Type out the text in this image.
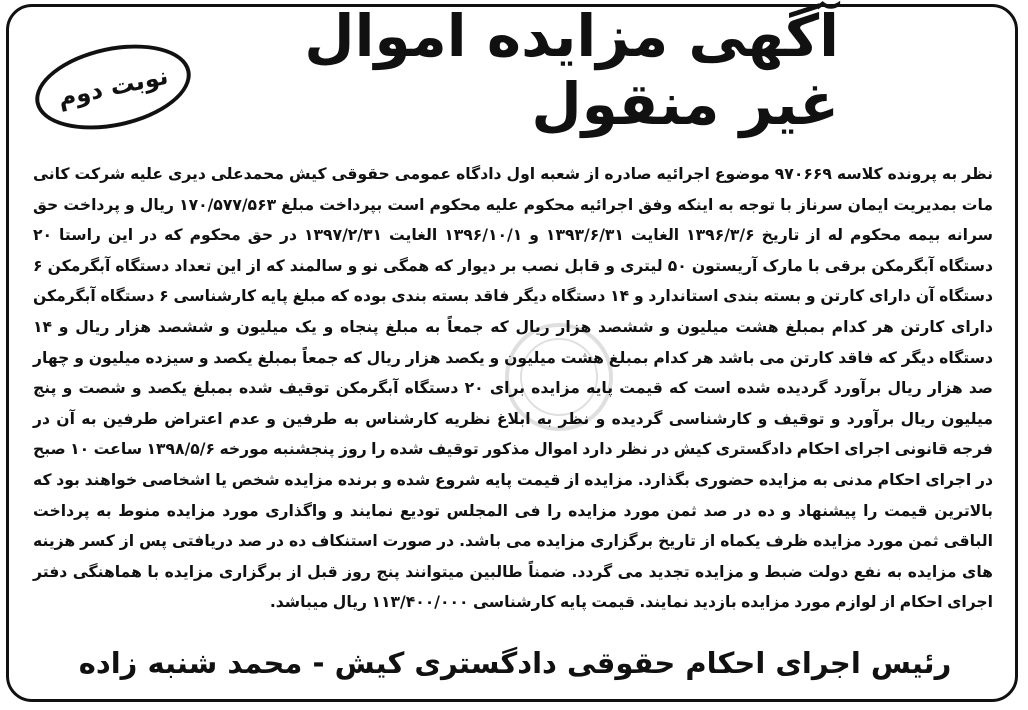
نوبت دوم
آگهی مزایده اموال غیر منقول
نظر به پرونده کلاسه ۹۷۰۶۶۹ موضوع اجرائیه صادره از شعبه اول دادگاه عمومی حقوقی کیش محمدعلی دیری علیه شرکت کانی مات بمدیریت ایمان سرناز با توجه به اینکه وفق اجرائیه محکوم علیه محکوم است بپرداخت مبلغ ۱۷۰/۵۷۷/۵۶۳ ریال و پرداخت حق سرانه بیمه محکوم له از تاریخ ۱۳۹۶/۳/۶ الغایت ۱۳۹۳/۶/۳۱ و ۱۳۹۶/۱۰/۱ الغایت ۱۳۹۷/۲/۳۱ در حق محکوم که در این راستا ۲۰ دستگاه آبگرمکن برقی با مارک آریستون ۵۰ لیتری و قابل نصب بر دیوار که همگی نو و سالمند که از این تعداد دستگاه آبگرمکن ۶ دستگاه آن دارای کارتن و بسته بندی استاندارد و ۱۴ دستگاه دیگر فاقد بسته بندی بوده که مبلغ پایه کارشناسی ۶ دستگاه آبگرمکن دارای کارتن هر کدام بمبلغ هشت میلیون و ششصد هزار ریال که جمعاً به مبلغ پنجاه و یک میلیون و ششصد هزار ریال و ۱۴ دستگاه دیگر که فاقد کارتن می باشد هر کدام بمبلغ هشت میلیون و یکصد هزار ریال که جمعاً بمبلغ یکصد و سیزده میلیون و چهار صد هزار ریال برآورد گردیده شده است که قیمت پایه مزایده برای ۲۰ دستگاه آبگرمکن توقیف شده بمبلغ یکصد و شصت و پنج میلیون ریال برآورد و توقیف و کارشناسی گردیده و نظر به ابلاغ نظریه کارشناس به طرفین و عدم اعتراض طرفین به آن در فرجه قانونی اجرای احکام دادگستری کیش در نظر دارد اموال مذکور توقیف شده را روز پنجشنبه مورخه ۱۳۹۸/۵/۶ ساعت ۱۰ صبح در اجرای احکام مدنی به مزایده حضوری بگذارد. مزایده از قیمت پایه شروع شده و برنده مزایده شخص یا اشخاصی خواهند بود که بالاترین قیمت را پیشنهاد و ده در صد ثمن مورد مزایده را فی المجلس تودیع نمایند و واگذاری مورد مزایده منوط به پرداخت الباقی ثمن مورد مزایده ظرف یکماه از تاریخ برگزاری مزایده می باشد. در صورت استنکاف ده در صد دریافتی پس از کسر هزینه های مزایده به نفع دولت ضبط و مزایده تجدید می گردد. ضمناً طالبین میتوانند پنج روز قبل از برگزاری مزایده با هماهنگی دفتر اجرای احکام از لوازم مورد مزایده بازدید نمایند. قیمت پایه کارشناسی ۱۱۳/۴۰۰/۰۰۰ ریال میباشد.
رئیس اجرای احکام حقوقی دادگستری کیش - محمد شنبه زاده
